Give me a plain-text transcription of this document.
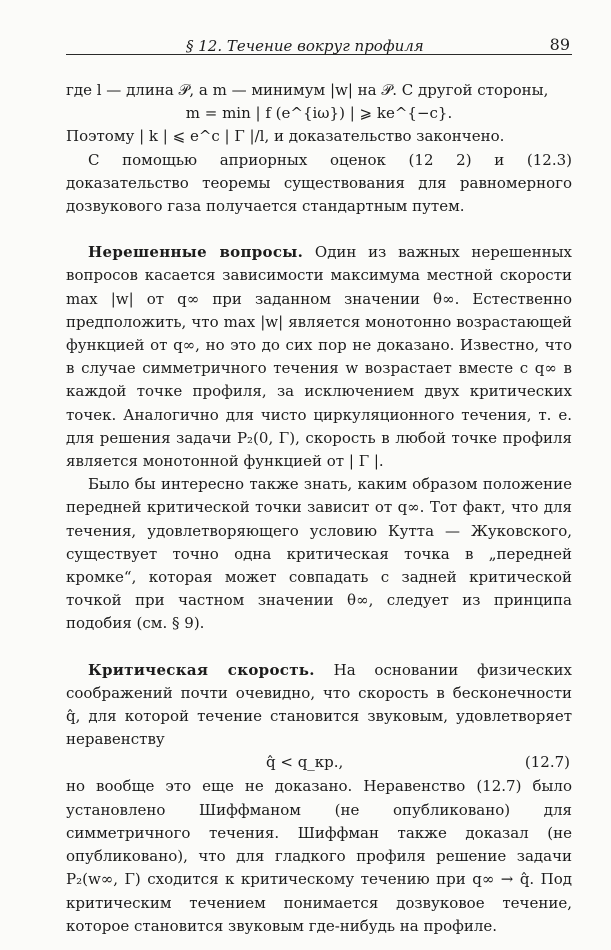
§ 12. Течение вокруг профиля	89

где l — длина 𝒫, а m — минимум |w| на 𝒫. С другой стороны,

m = min | f (e^{iω}) | ⩾ ke^{−c}.

Поэтому | k | ⩽ e^c | Γ |/l, и доказательство закончено.

С помощью априорных оценок (12 2) и (12.3) доказательство теоремы существования для равномерного дозвукового газа получается стандартным путем.

Нерешенные вопросы. Один из важных нерешенных вопросов касается зависимости максимума местной скорости max |w| от q∞ при заданном значении θ∞. Естественно предположить, что max |w| является монотонно возрастающей функцией от q∞, но это до сих пор не доказано. Известно, что в случае симметричного течения w возрастает вместе с q∞ в каждой точке профиля, за исключением двух критических точек. Аналогично для чисто циркуляционного течения, т. е. для решения задачи P₂(0, Γ), скорость в любой точке профиля является монотонной функцией от | Γ |.

Было бы интересно также знать, каким образом положение передней критической точки зависит от q∞. Тот факт, что для течения, удовлетворяющего условию Кутта — Жуковского, существует точно одна критическая точка в „передней кромке“, которая может совпадать с задней критической точкой при частном значении θ∞, следует из принципа подобия (см. § 9).

Критическая скорость. На основании физических соображений почти очевидно, что скорость в бесконечности q̂, для которой течение становится звуковым, удовлетворяет неравенству

q̂ < q_кр.,	(12.7)

но вообще это еще не доказано. Неравенство (12.7) было установлено Шиффманом (не опубликовано) для симметричного течения. Шиффман также доказал (не опубликовано), что для гладкого профиля решение задачи P₂(w∞, Γ) сходится к критическому течению при q∞ → q̂. Под критическим течением понимается дозвуковое течение, которое становится звуковым где-нибудь на профиле.
